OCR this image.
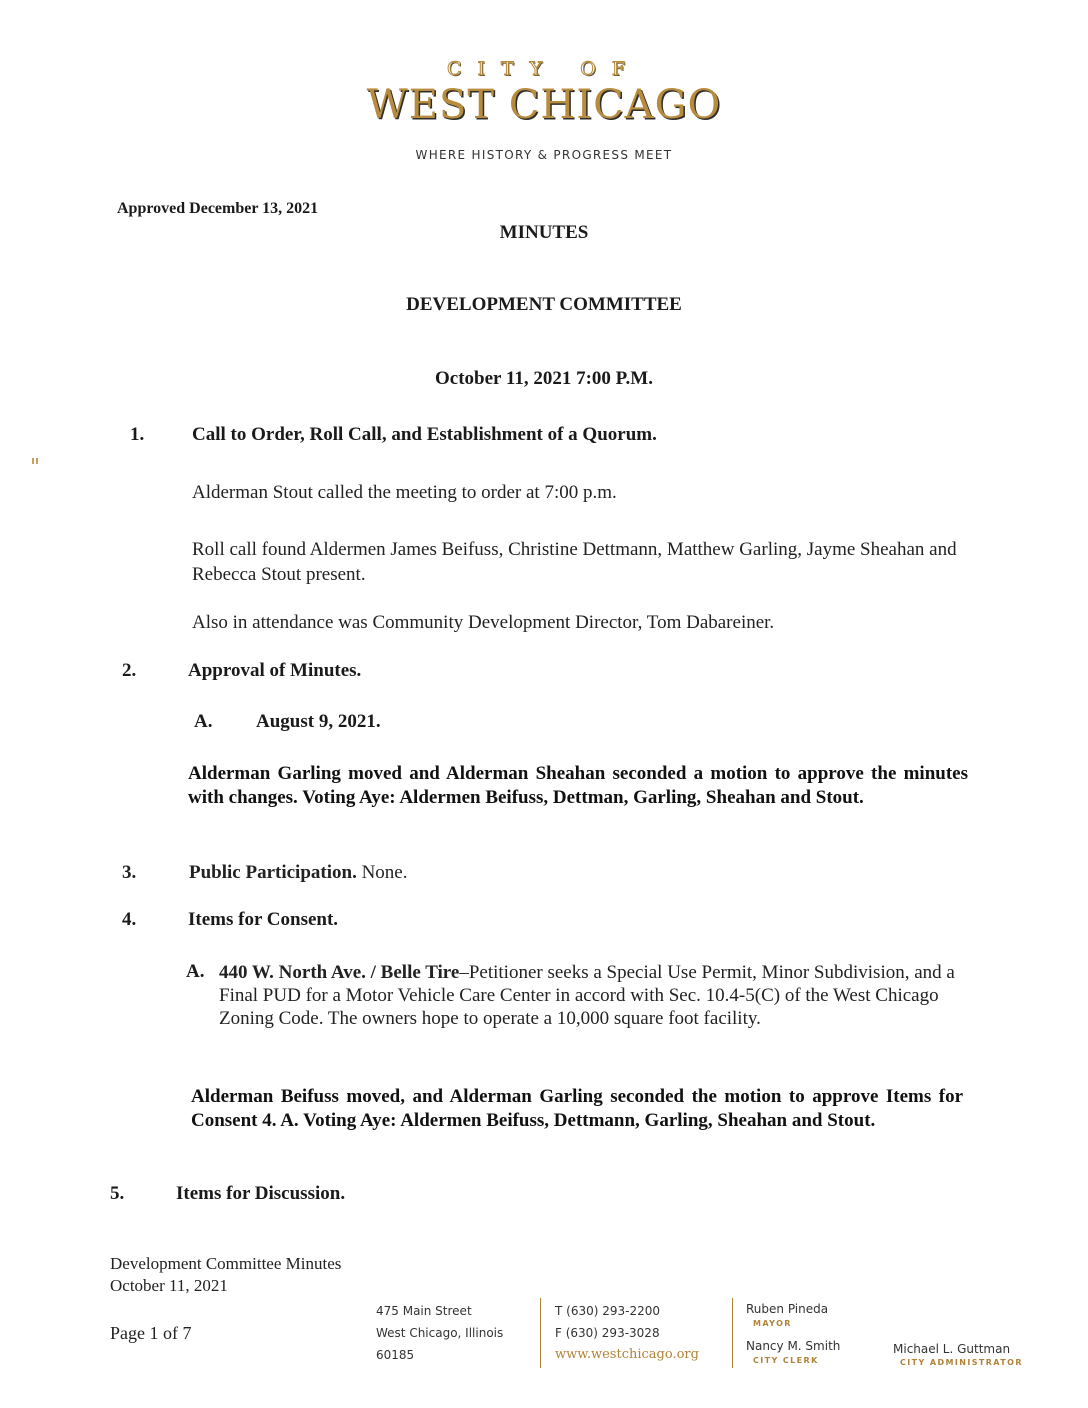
CITY OF
WEST CHICAGO
WHERE HISTORY & PROGRESS MEET
Approved December 13, 2021
MINUTES
DEVELOPMENT COMMITTEE
October 11, 2021 7:00 P.M.
1.	Call to Order, Roll Call, and Establishment of a Quorum.
Alderman Stout called the meeting to order at 7:00 p.m.
Roll call found Aldermen James Beifuss, Christine Dettmann, Matthew Garling, Jayme Sheahan and Rebecca Stout present.
Also in attendance was Community Development Director, Tom Dabareiner.
2.	Approval of Minutes.
A. August 9, 2021.
Alderman Garling moved and Alderman Sheahan seconded a motion to approve the minutes with changes. Voting Aye: Aldermen Beifuss, Dettman, Garling, Sheahan and Stout.
3.	Public Participation. None.
4.	Items for Consent.
A. 440 W. North Ave. / Belle Tire–Petitioner seeks a Special Use Permit, Minor Subdivision, and a Final PUD for a Motor Vehicle Care Center in accord with Sec. 10.4-5(C) of the West Chicago Zoning Code. The owners hope to operate a 10,000 square foot facility.
Alderman Beifuss moved, and Alderman Garling seconded the motion to approve Items for Consent 4. A. Voting Aye: Aldermen Beifuss, Dettmann, Garling, Sheahan and Stout.
5.	Items for Discussion.
Development Committee Minutes
October 11, 2021
Page 1 of 7
475 Main Street
West Chicago, Illinois
60185
T (630) 293-2200
F (630) 293-3028
www.westchicago.org
Ruben Pineda
MAYOR
Nancy M. Smith
CITY CLERK
Michael L. Guttman
CITY ADMINISTRATOR
